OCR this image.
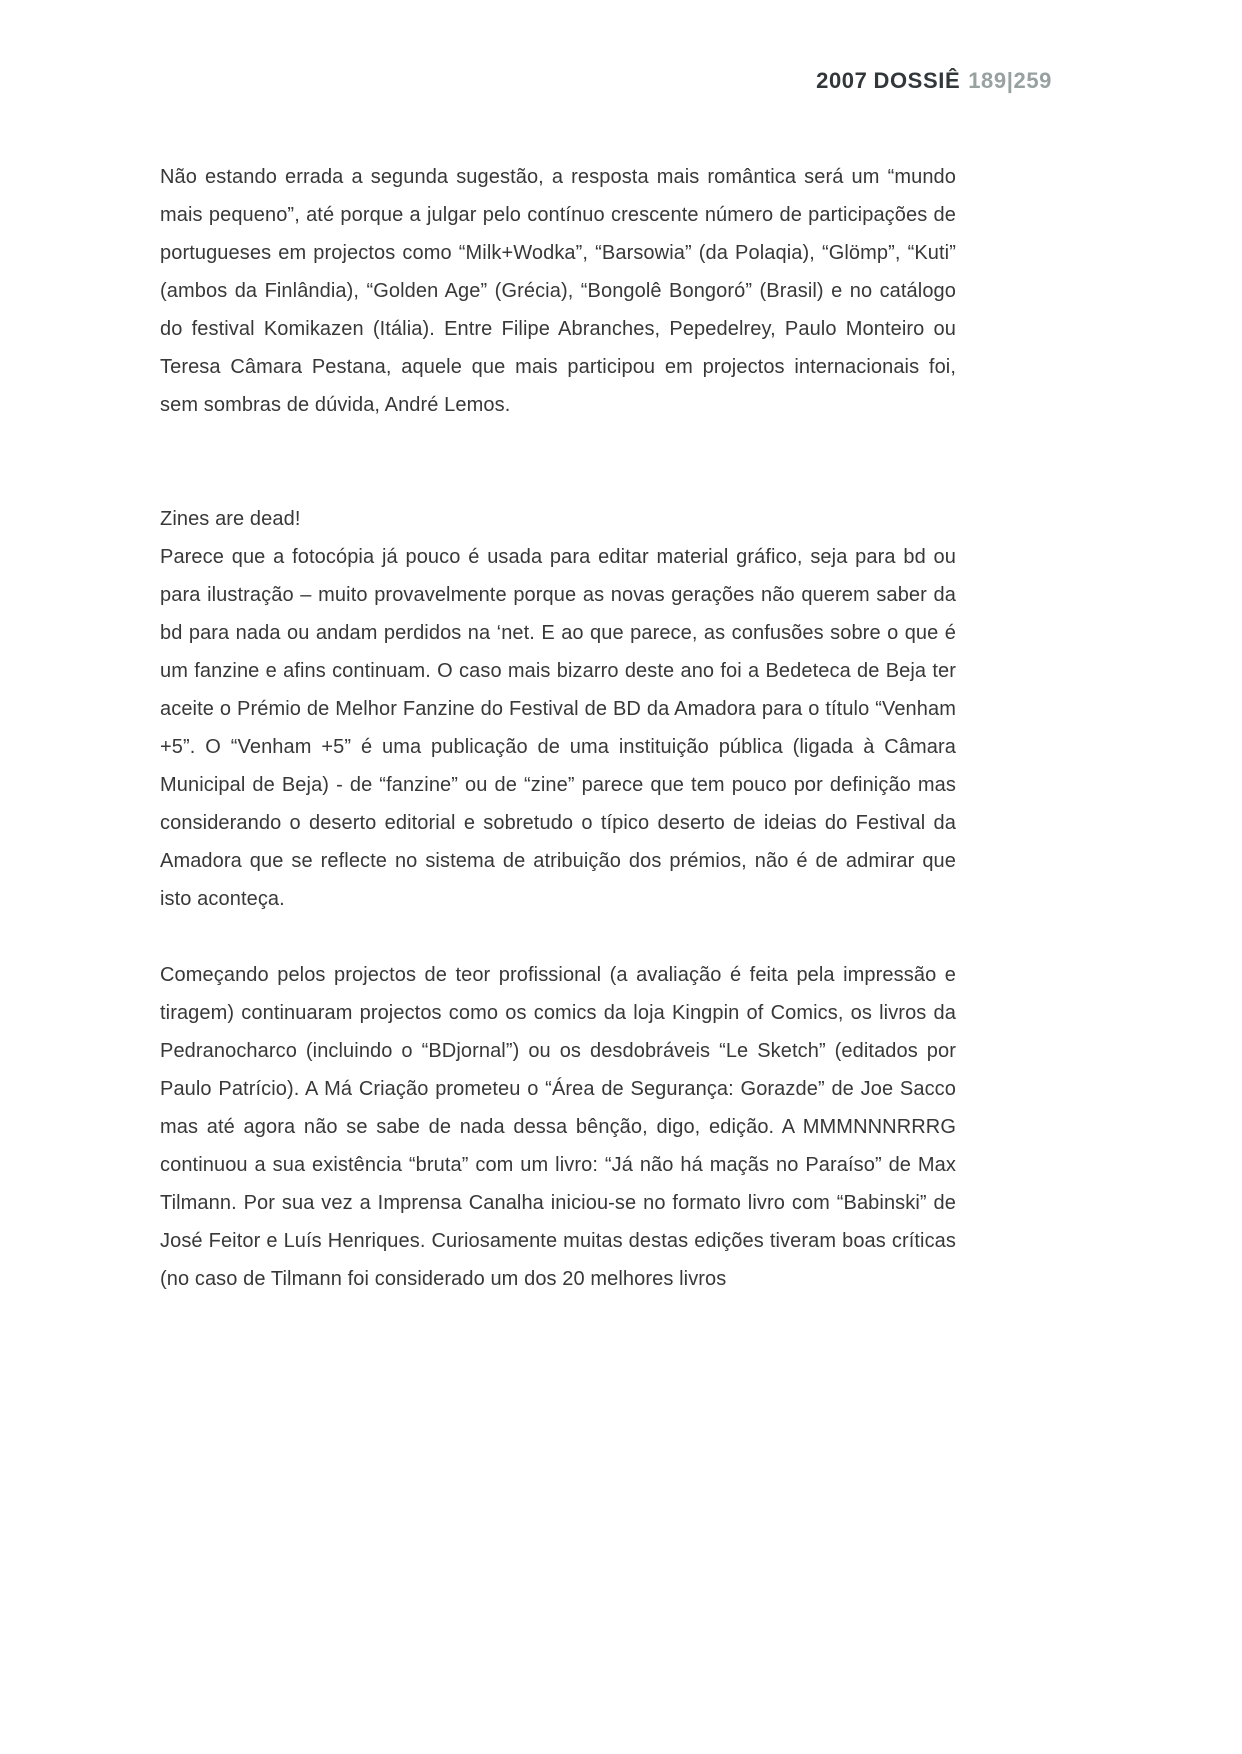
2007 DOSSIÊ 189|259

Não estando errada a segunda sugestão, a resposta mais romântica será um “mundo mais pequeno”, até porque a julgar pelo contínuo crescente número de participações de portugueses em projectos como “Milk+Wodka”, “Barsowia” (da Polaqia), “Glömp”, “Kuti” (ambos da Finlândia), “Golden Age” (Grécia), “Bongolê Bongoró” (Brasil) e no catálogo do festival Komikazen (Itália). Entre Filipe Abranches, Pepedelrey, Paulo Monteiro ou Teresa Câmara Pestana, aquele que mais participou em projectos internacionais foi, sem sombras de dúvida, André Lemos.

Zines are dead!

Parece que a fotocópia já pouco é usada para editar material gráfico, seja para bd ou para ilustração – muito provavelmente porque as novas gerações não querem saber da bd para nada ou andam perdidos na ‘net. E ao que parece, as confusões sobre o que é um fanzine e afins continuam. O caso mais bizarro deste ano foi a Bedeteca de Beja ter aceite o Prémio de Melhor Fanzine do Festival de BD da Amadora para o título “Venham +5”. O “Venham +5” é uma publicação de uma instituição pública (ligada à Câmara Municipal de Beja) - de “fanzine” ou de “zine” parece que tem pouco por definição mas considerando o deserto editorial e sobretudo o típico deserto de ideias do Festival da Amadora que se reflecte no sistema de atribuição dos prémios, não é de admirar que isto aconteça.

Começando pelos projectos de teor profissional (a avaliação é feita pela impressão e tiragem) continuaram projectos como os comics da loja Kingpin of Comics, os livros da Pedranocharco (incluindo o “BDjornal”) ou os desdobráveis “Le Sketch” (editados por Paulo Patrício). A Má Criação prometeu o “Área de Segurança: Gorazde” de Joe Sacco mas até agora não se sabe de nada dessa bênção, digo, edição. A MMMNNNRRRG continuou a sua existência “bruta” com um livro: “Já não há maçãs no Paraíso” de Max Tilmann. Por sua vez a Imprensa Canalha iniciou-se no formato livro com “Babinski” de José Feitor e Luís Henriques. Curiosamente muitas destas edições tiveram boas críticas (no caso de Tilmann foi considerado um dos 20 melhores livros
